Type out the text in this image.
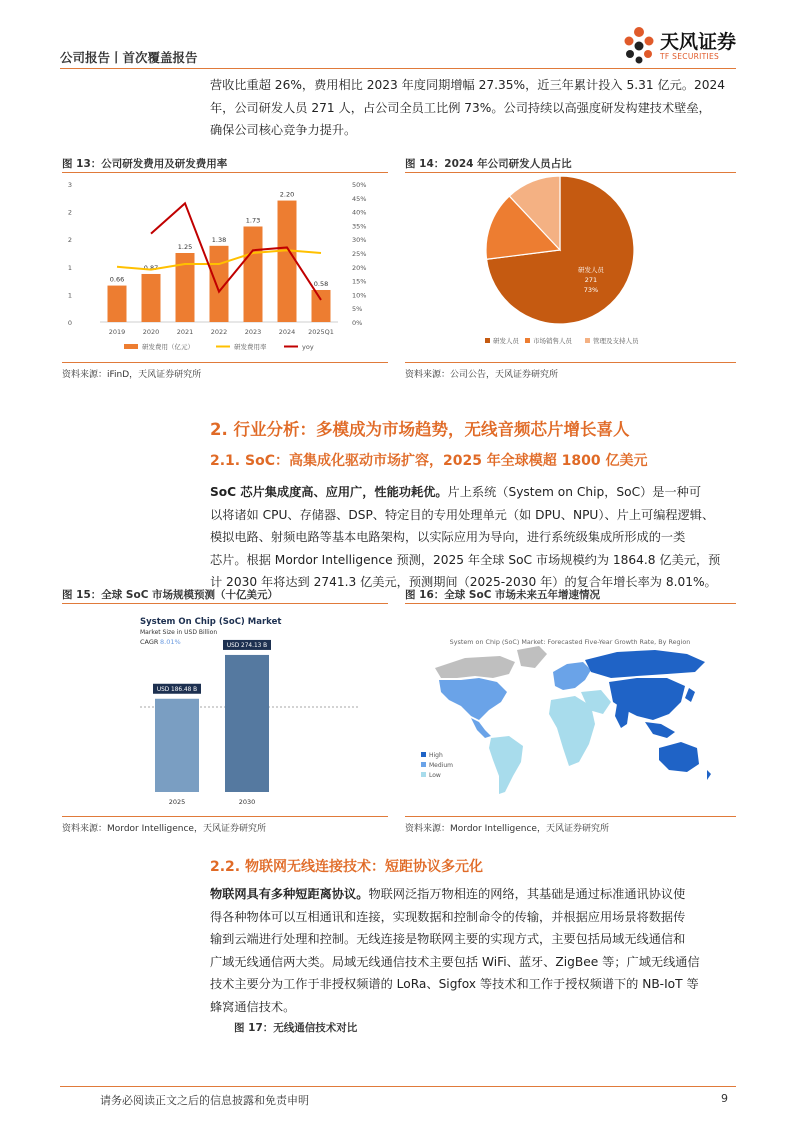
公司报告丨首次覆盖报告
天风证券
TF SECURITIES
营收比重超 26%，费用相比 2023 年度同期增幅 27.35%，近三年累计投入 5.31 亿元。2024
年，公司研发人员 271 人，占公司全员工比例 73%。公司持续以高强度研发构建技术壁垒，
确保公司核心竞争力提升。
图 13：公司研发费用及研发费用率
0
1
1
2
2
3
0%
5%
10%
15%
20%
25%
30%
35%
40%
45%
50%
0.66
2019
0.87
2020
1.25
2021
1.38
2022
1.73
2023
2.20
2024
0.58
2025Q1
研发费用（亿元）	研发费用率	yoy
资料来源：iFinD，天风证券研究所
图 14：2024 年公司研发人员占比
研发人员
271
73%
研发人员 市场销售人员	管理及支持人员
资料来源：公司公告，天风证券研究所
2. 行业分析：多模成为市场趋势，无线音频芯片增长喜人
2.1. SoC：高集成化驱动市场扩容，2025 年全球模超 1800 亿美元
SoC 芯片集成度高、应用广，性能功耗优。片上系统（System on Chip，SoC）是一种可
以将诸如 CPU、存储器、DSP、特定目的专用处理单元（如 DPU、NPU）、片上可编程逻辑、
模拟电路、射频电路等基本电路架构，以实际应用为导向，进行系统级集成所形成的一类
芯片。根据 Mordor Intelligence 预测，2025 年全球 SoC 市场规模约为 1864.8 亿美元，预
计 2030 年将达到 2741.3 亿美元，预测期间（2025-2030 年）的复合年增长率为 8.01%。
图 15：全球 SoC 市场规模预测（十亿美元）
System On Chip (SoC) Market
Market Size in USD Billion
CAGR 8.01%
USD 186.48 B
2025
USD 274.13 B
2030
资料来源：Mordor Intelligence，天风证券研究所
图 16：全球 SoC 市场未来五年增速情况
System on Chip (SoC) Market: Forecasted Five-Year Growth Rate, By Region
High
Medium
Low
资料来源：Mordor Intelligence，天风证券研究所
2.2. 物联网无线连接技术：短距协议多元化
物联网具有多种短距离协议。物联网泛指万物相连的网络，其基础是通过标准通讯协议使
得各种物体可以互相通讯和连接，实现数据和控制命令的传输，并根据应用场景将数据传
输到云端进行处理和控制。无线连接是物联网主要的实现方式，主要包括局域无线通信和
广域无线通信两大类。局域无线通信技术主要包括 WiFi、蓝牙、ZigBee 等；广域无线通信
技术主要分为工作于非授权频谱的 LoRa、Sigfox 等技术和工作于授权频谱下的 NB-IoT 等
蜂窝通信技术。
图 17：无线通信技术对比
请务必阅读正文之后的信息披露和免责申明	9
